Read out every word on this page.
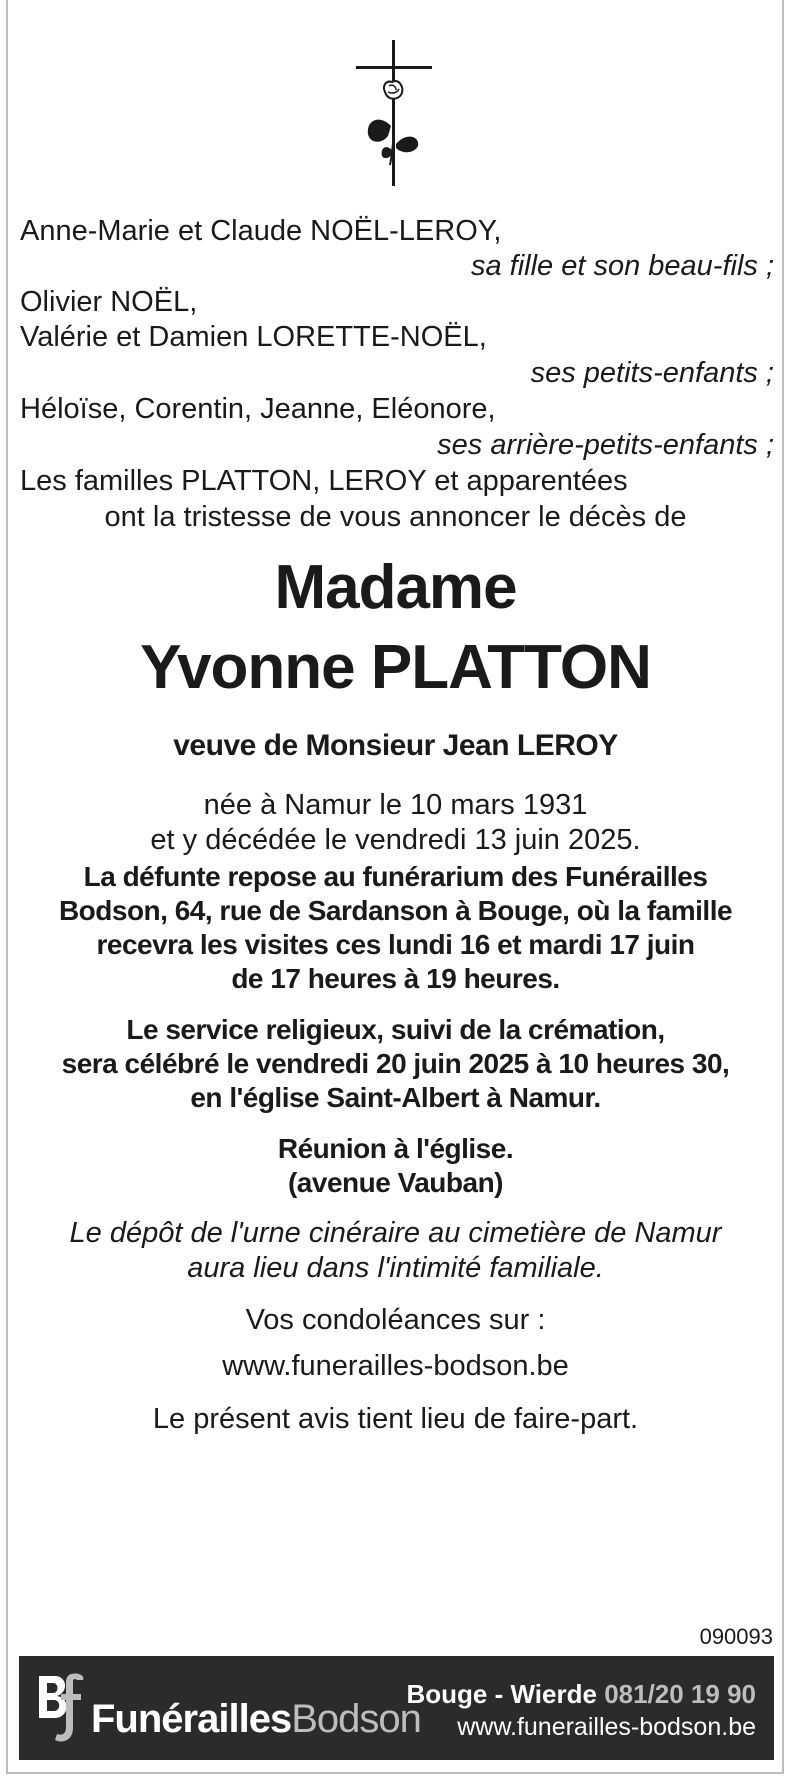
Anne-Marie et Claude NOËL-LEROY,
sa fille et son beau-fils ;
Olivier NOËL,
Valérie et Damien LORETTE-NOËL,
ses petits-enfants ;
Héloïse, Corentin, Jeanne, Eléonore,
ses arrière-petits-enfants ;
Les familles PLATTON, LEROY et apparentées
ont la tristesse de vous annoncer le décès de
Madame
Yvonne PLATTON
veuve de Monsieur Jean LEROY
née à Namur le 10 mars 1931
et y décédée le vendredi 13 juin 2025.
La défunte repose au funérarium des Funérailles
Bodson, 64, rue de Sardanson à Bouge, où la famille
recevra les visites ces lundi 16 et mardi 17 juin
de 17 heures à 19 heures.
Le service religieux, suivi de la crémation,
sera célébré le vendredi 20 juin 2025 à 10 heures 30,
en l'église Saint-Albert à Namur.
Réunion à l'église.
(avenue Vauban)
Le dépôt de l'urne cinéraire au cimetière de Namur
aura lieu dans l'intimité familiale.
Vos condoléances sur :
www.funerailles-bodson.be
Le présent avis tient lieu de faire-part.
090093
FunéraillesBodson
Bouge - Wierde 081/20 19 90
www.funerailles-bodson.be
